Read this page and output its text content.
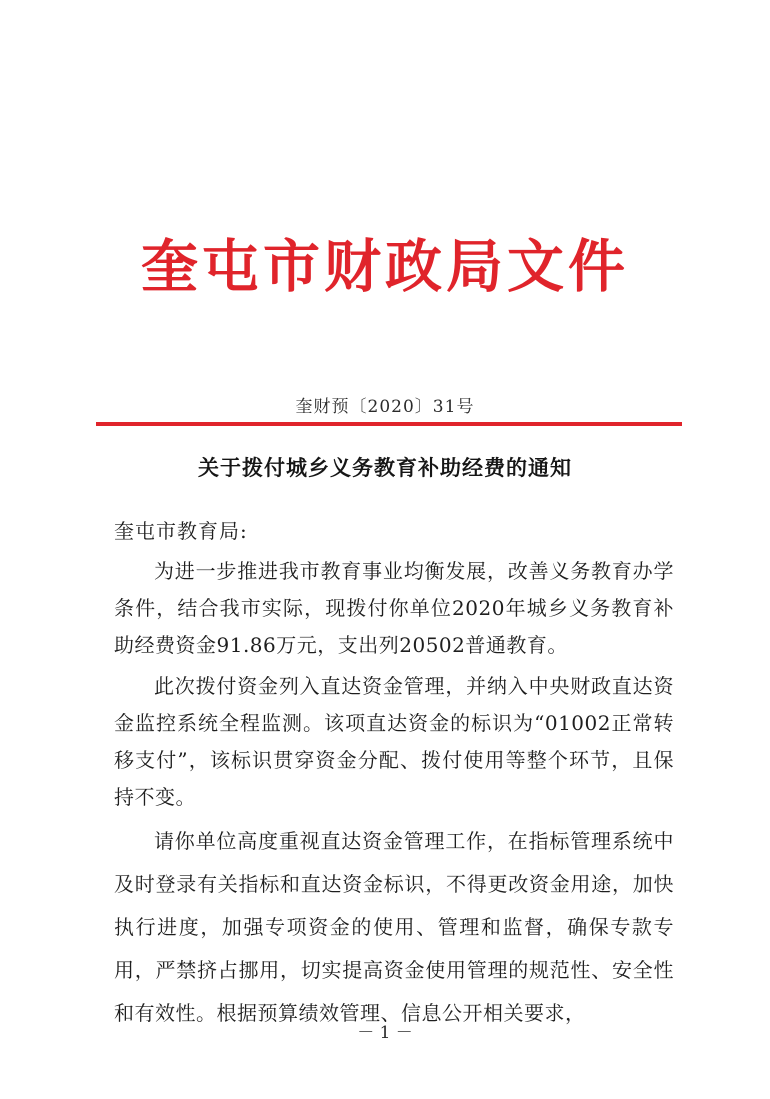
奎屯市财政局文件
奎财预〔2020〕31号
关于拨付城乡义务教育补助经费的通知
奎屯市教育局:

为进一步推进我市教育事业均衡发展，改善义务教育办学条件，结合我市实际，现拨付你单位2020年城乡义务教育补助经费资金91.86万元，支出列20502普通教育。

此次拨付资金列入直达资金管理，并纳入中央财政直达资金监控系统全程监测。该项直达资金的标识为“01002正常转移支付”，该标识贯穿资金分配、拨付使用等整个环节，且保持不变。

请你单位高度重视直达资金管理工作，在指标管理系统中及时登录有关指标和直达资金标识，不得更改资金用途，加快执行进度，加强专项资金的使用、管理和监督，确保专款专用，严禁挤占挪用，切实提高资金使用管理的规范性、安全性和有效性。根据预算绩效管理、信息公开相关要求，

－ 1 －
